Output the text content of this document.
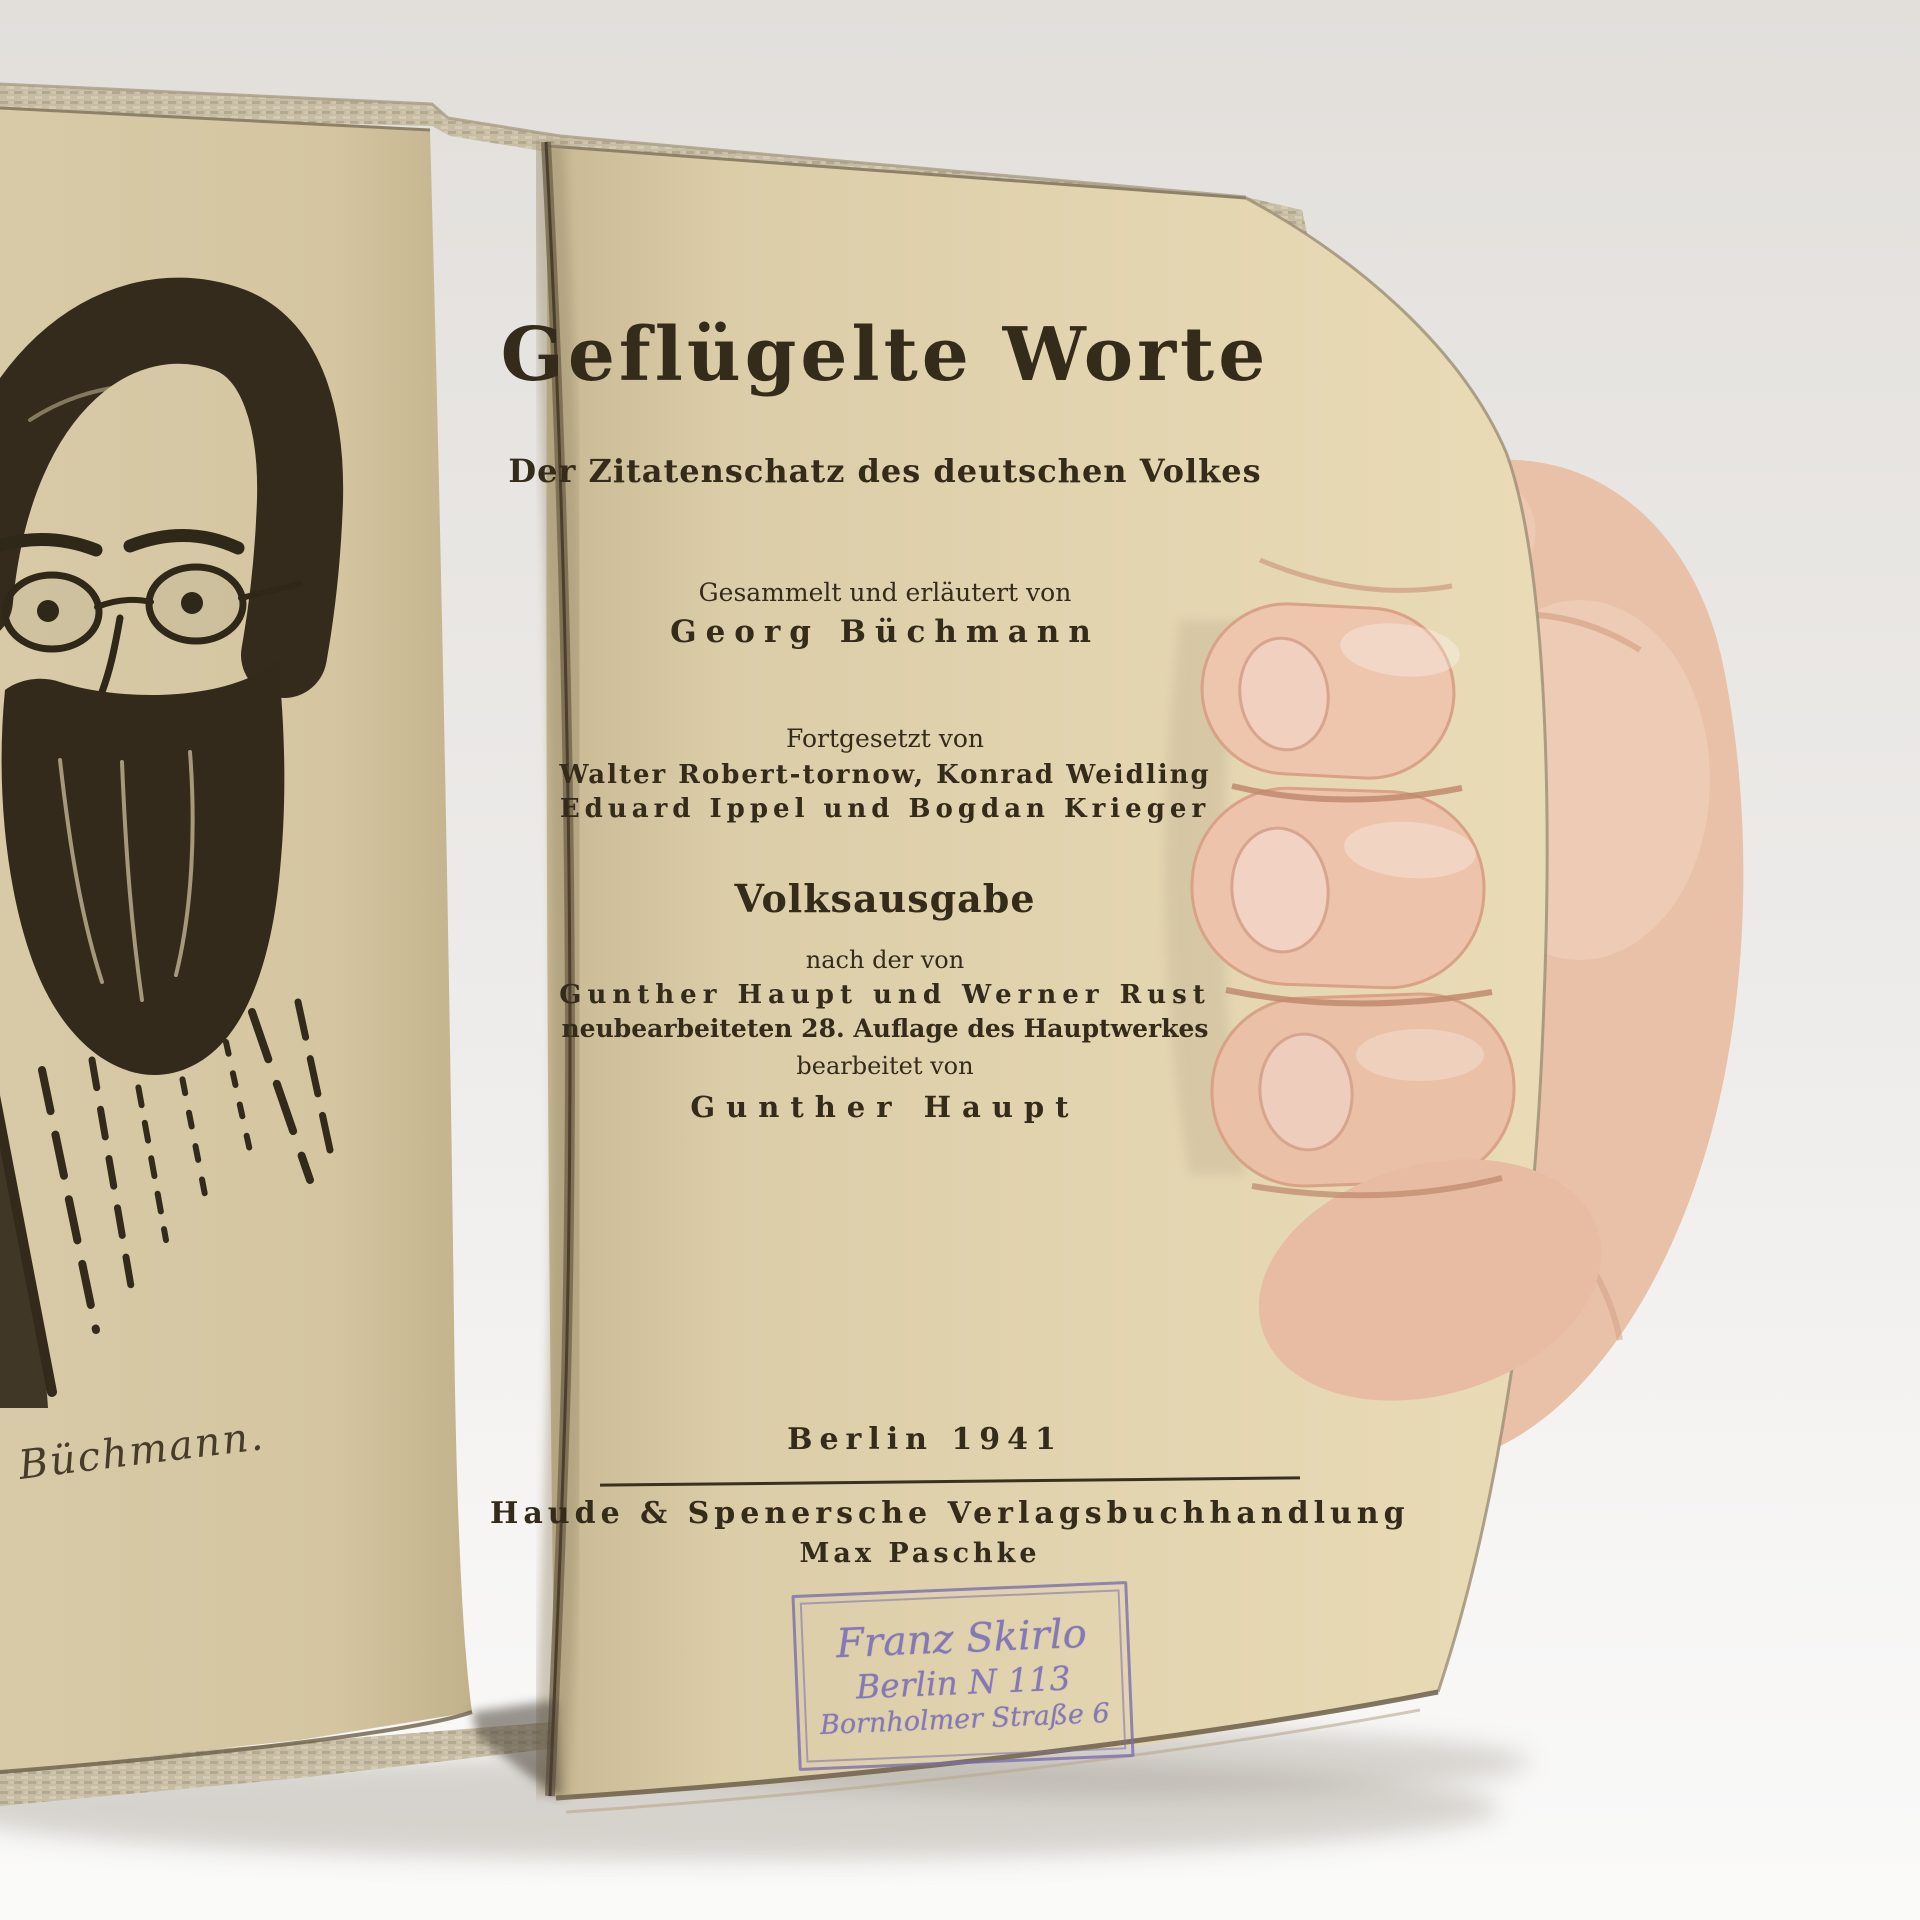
Geflügelte Worte
Der Zitatenschatz des deutschen Volkes
Gesammelt und erläutert von
Georg Büchmann
Fortgesetzt von
Walter Robert-tornow, Konrad Weidling
Eduard Ippel und Bogdan Krieger
Volksausgabe
nach der von
Gunther Haupt und Werner Rust
neubearbeiteten 28. Auflage des Hauptwerkes
bearbeitet von
Gunther Haupt
Berlin 1941
Haude & Spenersche Verlagsbuchhandlung
Max Paschke
Franz Skirlo
Berlin N 113
Bornholmer Straße 6
Büchmann.
